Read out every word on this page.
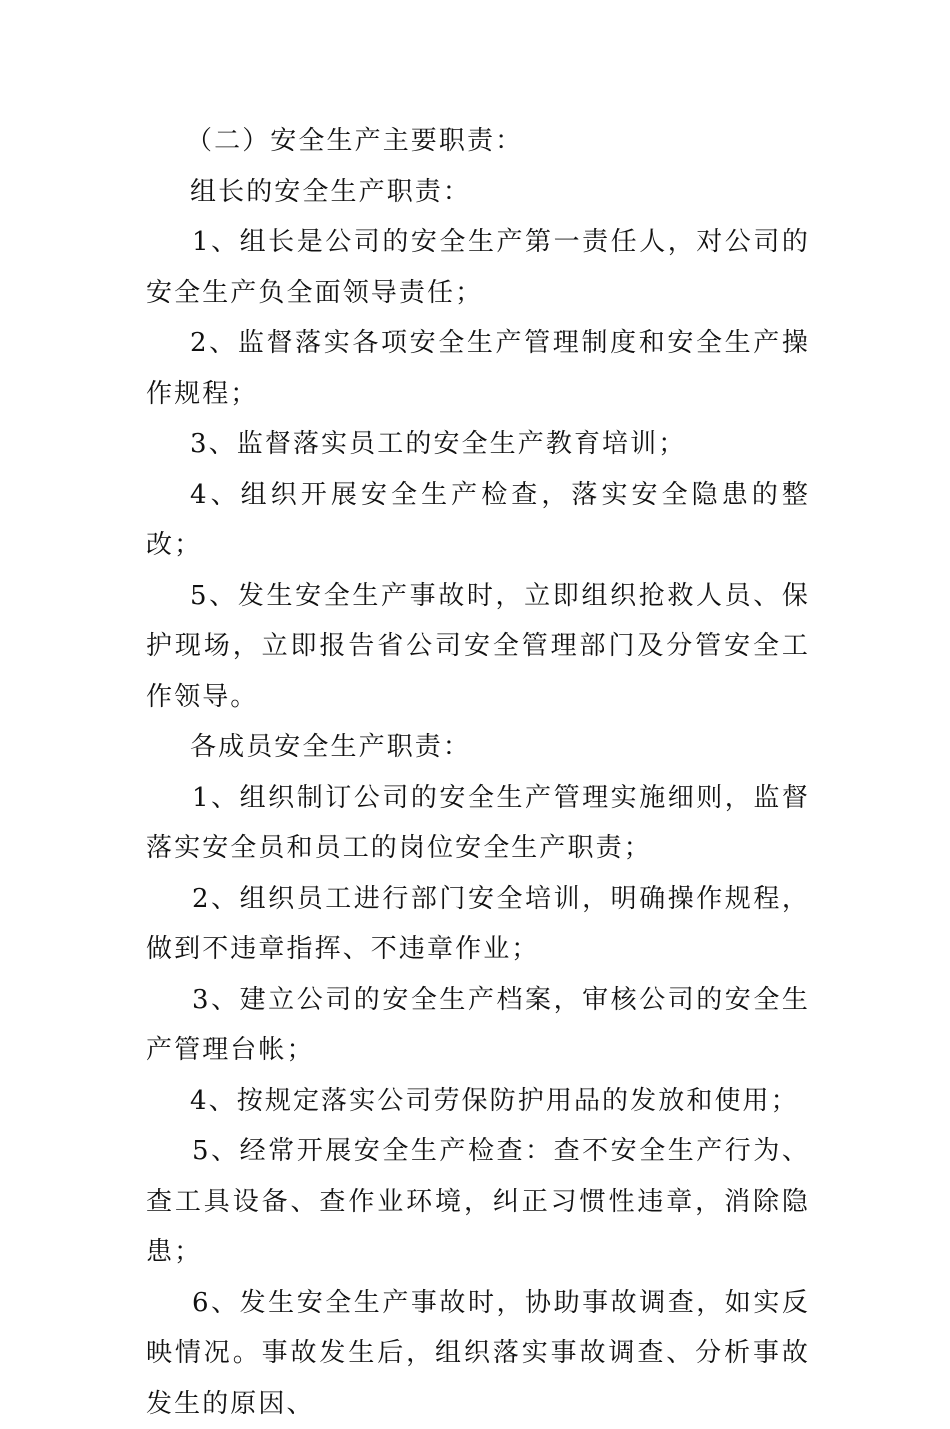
（二）安全生产主要职责：

组长的安全生产职责：

1、组长是公司的安全生产第一责任人，对公司的安全生产负全面领导责任；

2、监督落实各项安全生产管理制度和安全生产操作规程；

3、监督落实员工的安全生产教育培训；

4、组织开展安全生产检查，落实安全隐患的整改；

5、发生安全生产事故时，立即组织抢救人员、保护现场，立即报告省公司安全管理部门及分管安全工作领导。

各成员安全生产职责：

1、组织制订公司的安全生产管理实施细则，监督落实安全员和员工的岗位安全生产职责；

2、组织员工进行部门安全培训，明确操作规程，做到不违章指挥、不违章作业；

3、建立公司的安全生产档案，审核公司的安全生产管理台帐；

4、按规定落实公司劳保防护用品的发放和使用；

5、经常开展安全生产检查：查不安全生产行为、查工具设备、查作业环境，纠正习惯性违章，消除隐患；

6、发生安全生产事故时，协助事故调查，如实反映情况。事故发生后，组织落实事故调查、分析事故发生的原因、
